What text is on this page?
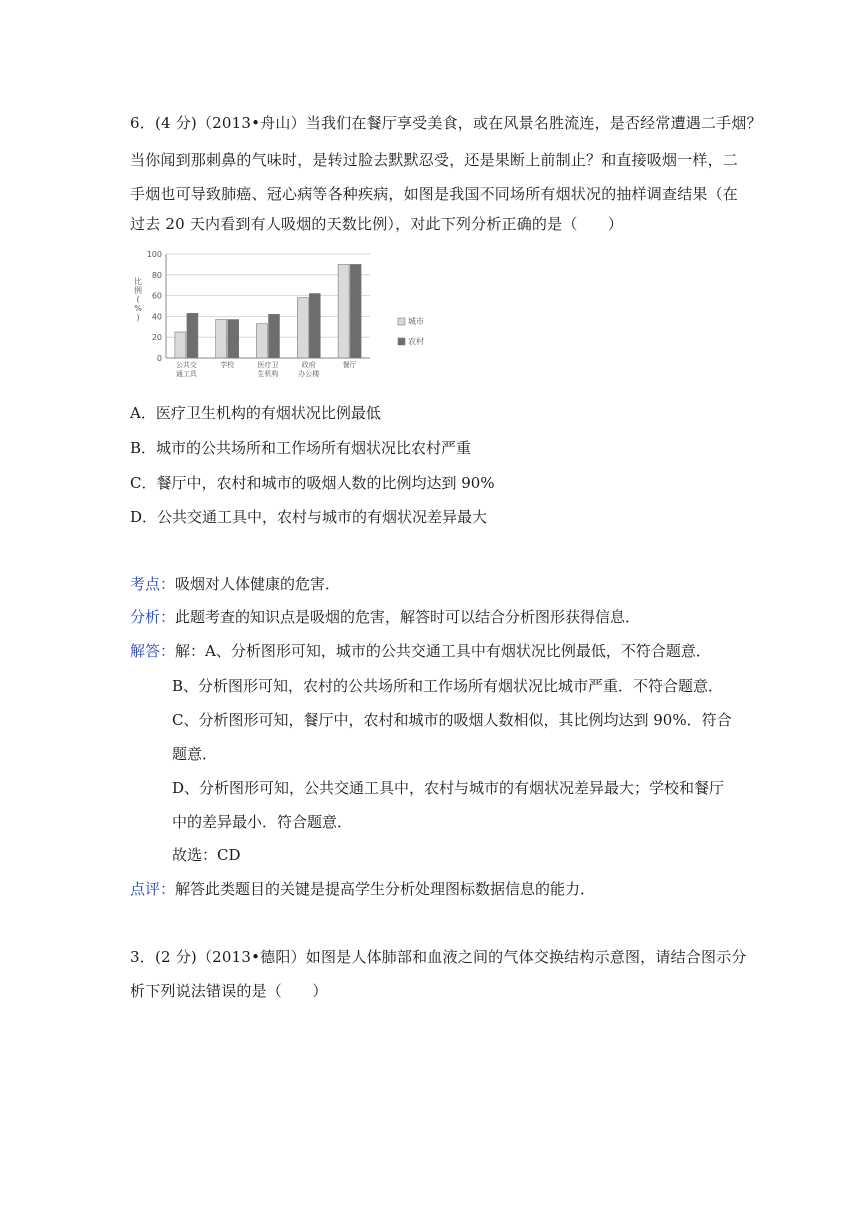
6．(4 分)（2013•舟山）当我们在餐厅享受美食，或在风景名胜流连，是否经常遭遇二手烟？
当你闻到那刺鼻的气味时，是转过脸去默默忍受，还是果断上前制止？和直接吸烟一样，二
手烟也可导致肺癌、冠心病等各种疾病，如图是我国不同场所有烟状况的抽样调查结果（在
过去 20 天内看到有人吸烟的天数比例），对此下列分析正确的是（　　）
0
20
40
60
80
100
比
例
(
%
)
公共交
通工具
学校	医疗卫
生机构
政府
办公楼
餐厅
城市
农村
A．医疗卫生机构的有烟状况比例最低
B．城市的公共场所和工作场所有烟状况比农村严重
C．餐厅中，农村和城市的吸烟人数的比例均达到 90%
D．公共交通工具中，农村与城市的有烟状况差异最大
考点：吸烟对人体健康的危害．
分析：此题考查的知识点是吸烟的危害，解答时可以结合分析图形获得信息．
解答：解：A、分析图形可知，城市的公共交通工具中有烟状况比例最低，不符合题意．
B、分析图形可知，农村的公共场所和工作场所有烟状况比城市严重．不符合题意．
C、分析图形可知，餐厅中，农村和城市的吸烟人数相似，其比例均达到 90%．符合
题意．
D、分析图形可知，公共交通工具中，农村与城市的有烟状况差异最大；学校和餐厅
中的差异最小．符合题意．
故选：CD
点评：解答此类题目的关键是提高学生分析处理图标数据信息的能力．
3．(2 分)（2013•德阳）如图是人体肺部和血液之间的气体交换结构示意图，请结合图示分
析下列说法错误的是（　　）
